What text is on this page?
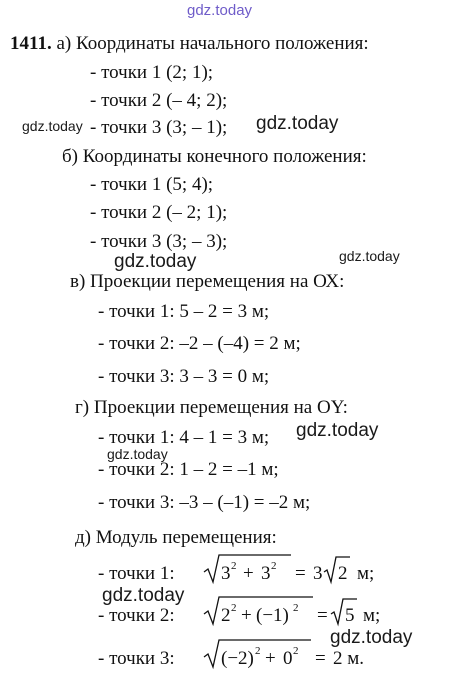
gdz.today
gdz.today	gdz.today
gdz.today	gdz.today
gdz.today
gdz.today
gdz.today
gdz.today
1411. а) Координаты начального положения:
- точки 1 (2; 1);
- точки 2 (– 4; 2);
- точки 3 (3; – 1);
б) Координаты конечного положения:
- точки 1 (5; 4);
- точки 2 (– 2; 1);
- точки 3 (3; – 3);
в) Проекции перемещения на ОХ:
- точки 1: 5 – 2 = 3 м;
- точки 2: –2 – (–4) = 2 м;
- точки 3: 3 – 3 = 0 м;
г) Проекции перемещения на ОY:
- точки 1: 4 – 1 = 3 м;
- точки 2: 1 – 2 = –1 м;
- точки 3: –3 – (–1) = –2 м;
д) Модуль перемещения:
- точки 1: 3 2 + 3 2 = 3 2 м;
- точки 2: 2 2 + (−1) 2 = 5 м;
- точки 3: (−2) 2 + 0 2 = 2 м.
